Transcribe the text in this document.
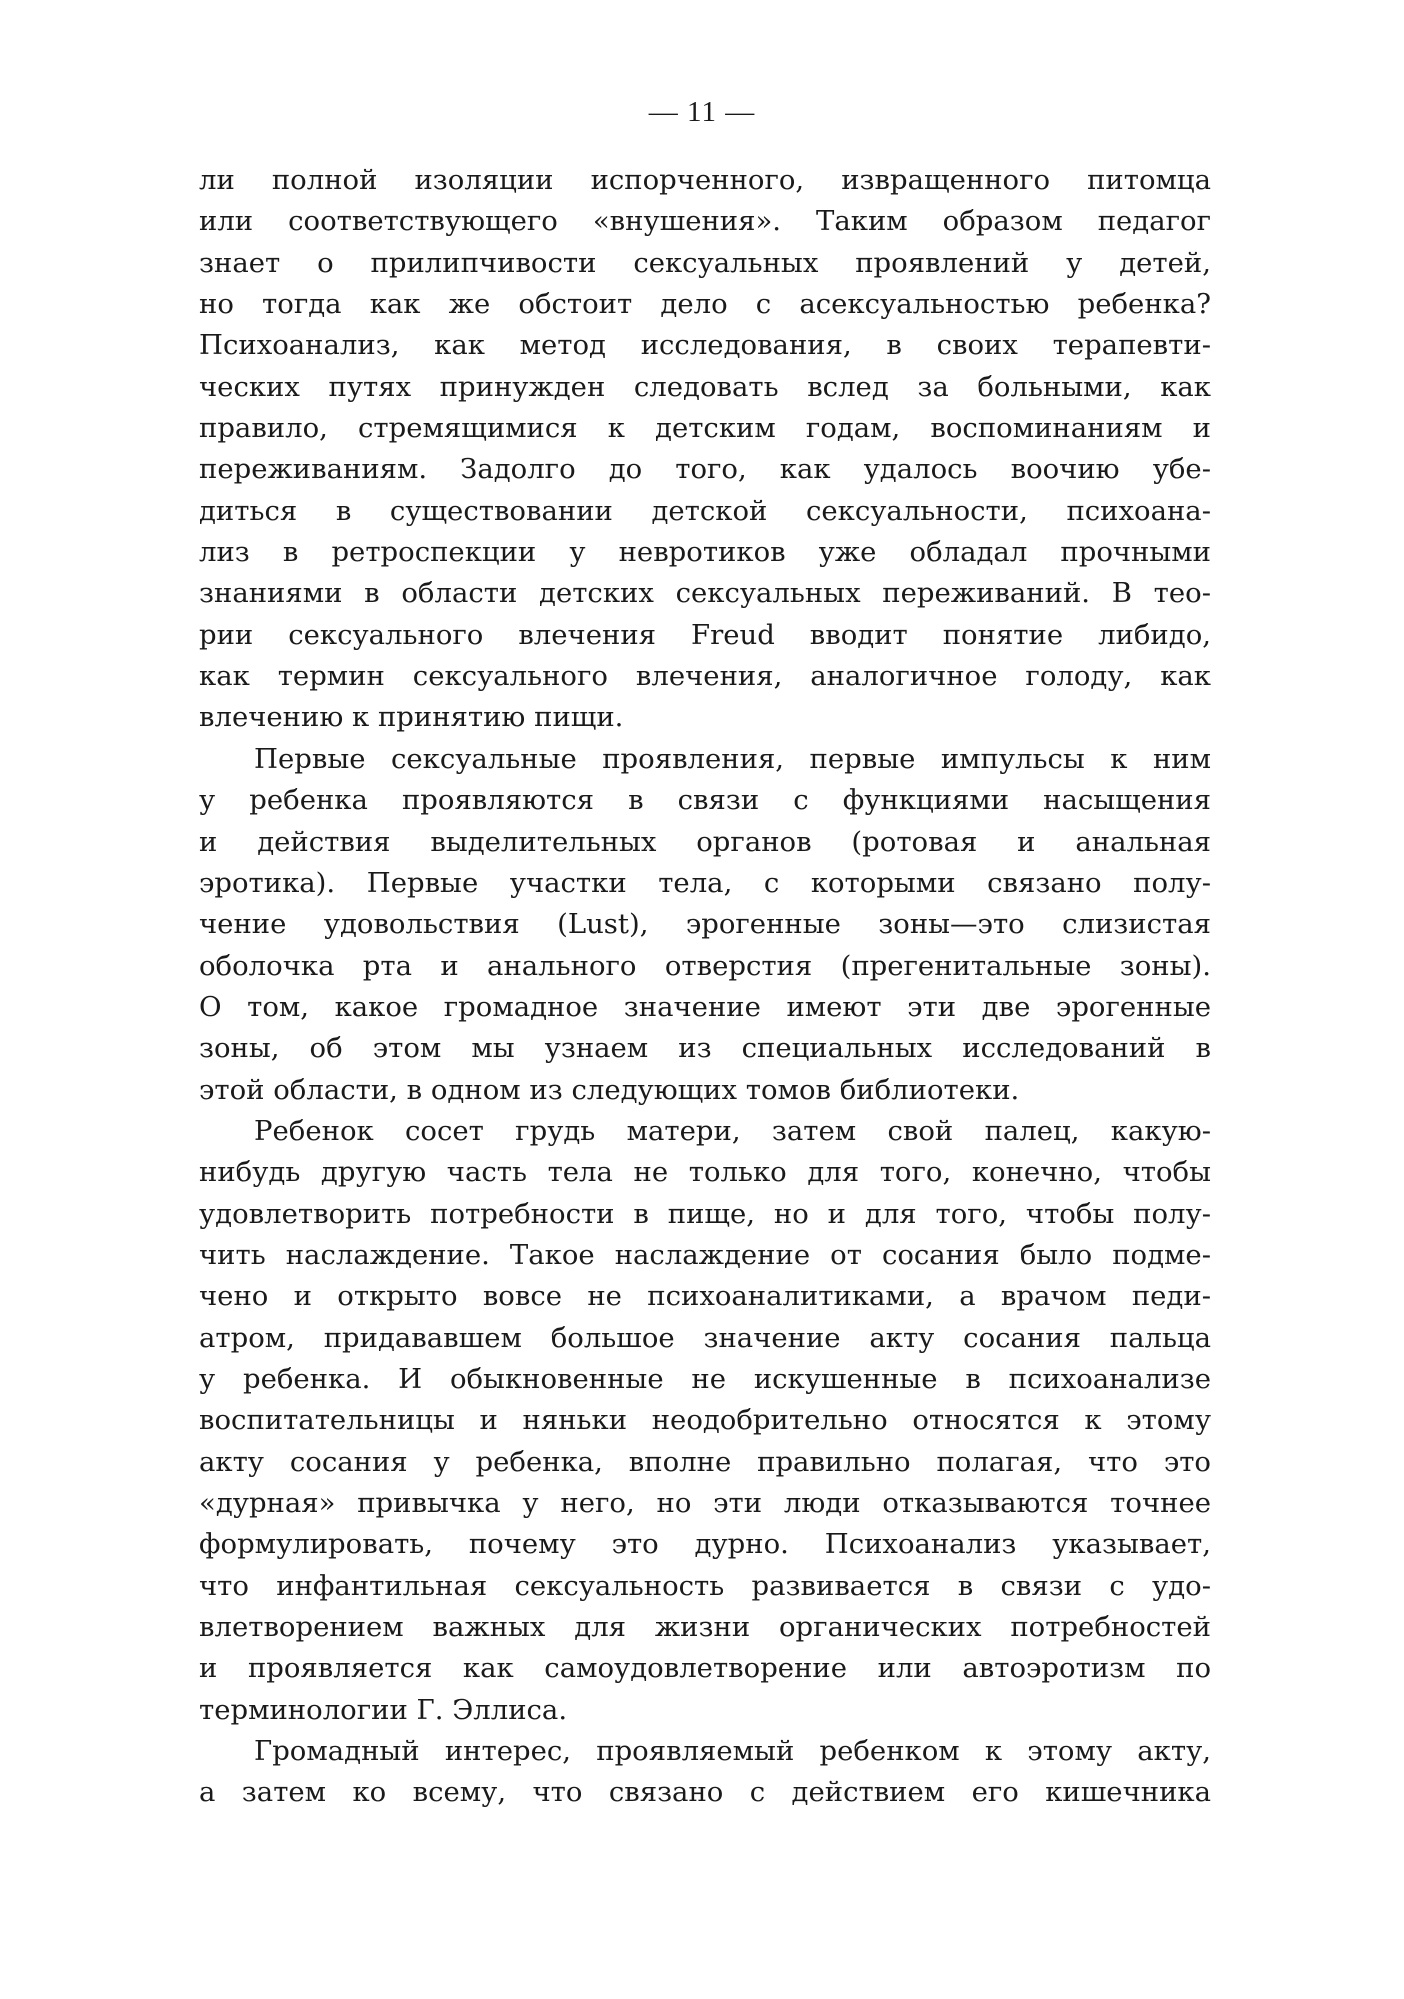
— 11 —
ли полной изоляции испорченного, извращенного питомца
или соответствующего «внушения». Таким образом педагог
знает о прилипчивости сексуальных проявлений у детей,
но тогда как же обстоит дело с асексуальностью ребенка?
Психоанализ, как метод исследования, в своих терапевти-
ческих путях принужден следовать вслед за больными, как
правило, стремящимися к детским годам, воспоминаниям и
переживаниям. Задолго до того, как удалось воочию убе-
диться в существовании детской сексуальности, психоана-
лиз в ретроспекции у невротиков уже обладал прочными
знаниями в области детских сексуальных переживаний. В тео-
рии сексуального влечения Freud вводит понятие либидо,
как термин сексуального влечения, аналогичное голоду, как
влечению к принятию пищи.
Первые сексуальные проявления, первые импульсы к ним
у ребенка проявляются в связи с функциями насыщения
и действия выделительных органов (ротовая и анальная
эротика). Первые участки тела, с которыми связано полу-
чение удовольствия (Lust), эрогенные зоны—это слизистая
оболочка рта и анального отверстия (прегенитальные зоны).
О том, какое громадное значение имеют эти две эрогенные
зоны, об этом мы узнаем из специальных исследований в
этой области, в одном из следующих томов библиотеки.
Ребенок сосет грудь матери, затем свой палец, какую-
нибудь другую часть тела не только для того, конечно, чтобы
удовлетворить потребности в пище, но и для того, чтобы полу-
чить наслаждение. Такое наслаждение от сосания было подме-
чено и открыто вовсе не психоаналитиками, а врачом педи-
атром, придававшем большое значение акту сосания пальца
у ребенка. И обыкновенные не искушенные в психоанализе
воспитательницы и няньки неодобрительно относятся к этому
акту сосания у ребенка, вполне правильно полагая, что это
«дурная» привычка у него, но эти люди отказываются точнее
формулировать, почему это дурно. Психоанализ указывает,
что инфантильная сексуальность развивается в связи с удо-
влетворением важных для жизни органических потребностей
и проявляется как самоудовлетворение или автоэротизм по
терминологии Г. Эллиса.
Громадный интерес, проявляемый ребенком к этому акту,
а затем ко всему, что связано с действием его кишечника
